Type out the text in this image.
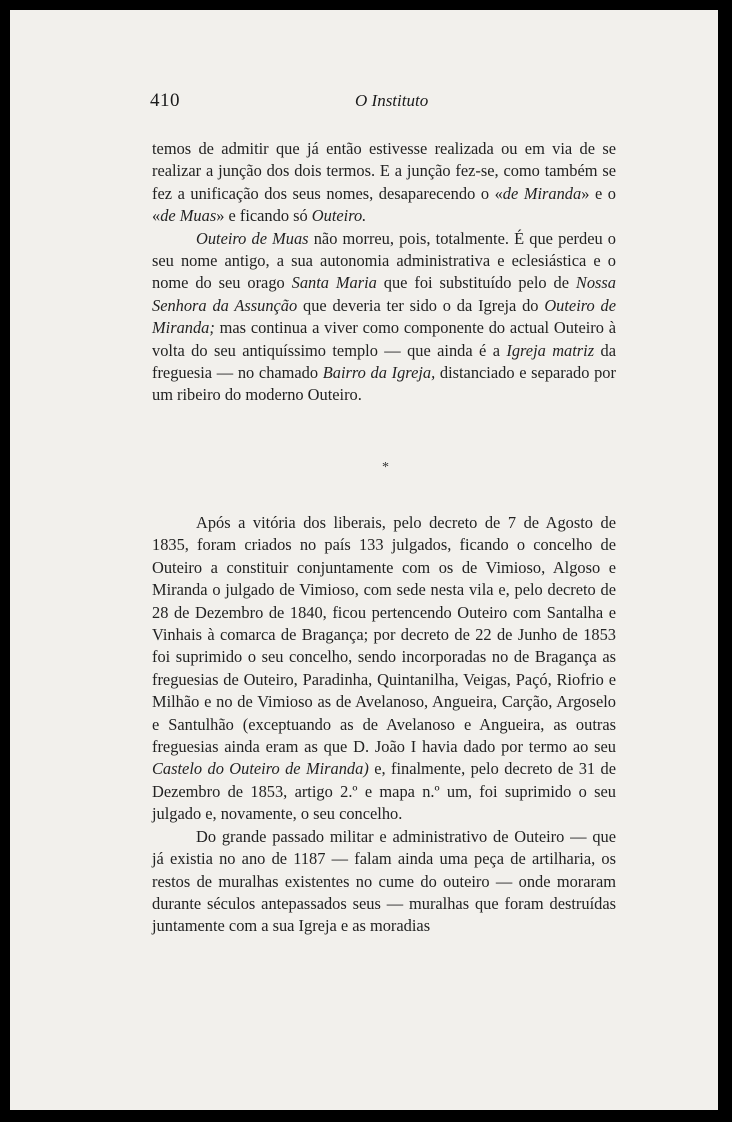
410	O Instituto

temos de admitir que já então estivesse realizada ou em via de se realizar a junção dos dois termos. E a junção fez-se, como também se fez a unificação dos seus nomes, desaparecendo o «de Miranda» e o «de Muas» e ficando só Outeiro.

Outeiro de Muas não morreu, pois, totalmente. É que perdeu o seu nome antigo, a sua autonomia administrativa e eclesiástica e o nome do seu orago Santa Maria que foi substituído pelo de Nossa Senhora da Assunção que deveria ter sido o da Igreja do Outeiro de Miranda; mas continua a viver como componente do actual Outeiro à volta do seu antiquíssimo templo — que ainda é a Igreja matriz da freguesia — no chamado Bairro da Igreja, distanciado e separado por um ribeiro do moderno Outeiro.

*

Após a vitória dos liberais, pelo decreto de 7 de Agosto de 1835, foram criados no país 133 julgados, ficando o concelho de Outeiro a constituir conjuntamente com os de Vimioso, Algoso e Miranda o julgado de Vimioso, com sede nesta vila e, pelo decreto de 28 de Dezembro de 1840, ficou pertencendo Outeiro com Santalha e Vinhais à comarca de Bragança; por decreto de 22 de Junho de 1853 foi suprimido o seu concelho, sendo incorporadas no de Bragança as freguesias de Outeiro, Paradinha, Quintanilha, Veigas, Paçó, Riofrio e Milhão e no de Vimioso as de Avelanoso, Angueira, Carção, Argoselo e Santulhão (exceptuando as de Avelanoso e Angueira, as outras freguesias ainda eram as que D. João I havia dado por termo ao seu Castelo do Outeiro de Miranda) e, finalmente, pelo decreto de 31 de Dezembro de 1853, artigo 2.º e mapa n.º um, foi suprimido o seu julgado e, novamente, o seu concelho.

Do grande passado militar e administrativo de Outeiro — que já existia no ano de 1187 — falam ainda uma peça de artilharia, os restos de muralhas existentes no cume do outeiro — onde moraram durante séculos antepassados seus — muralhas que foram destruídas juntamente com a sua Igreja e as moradias
